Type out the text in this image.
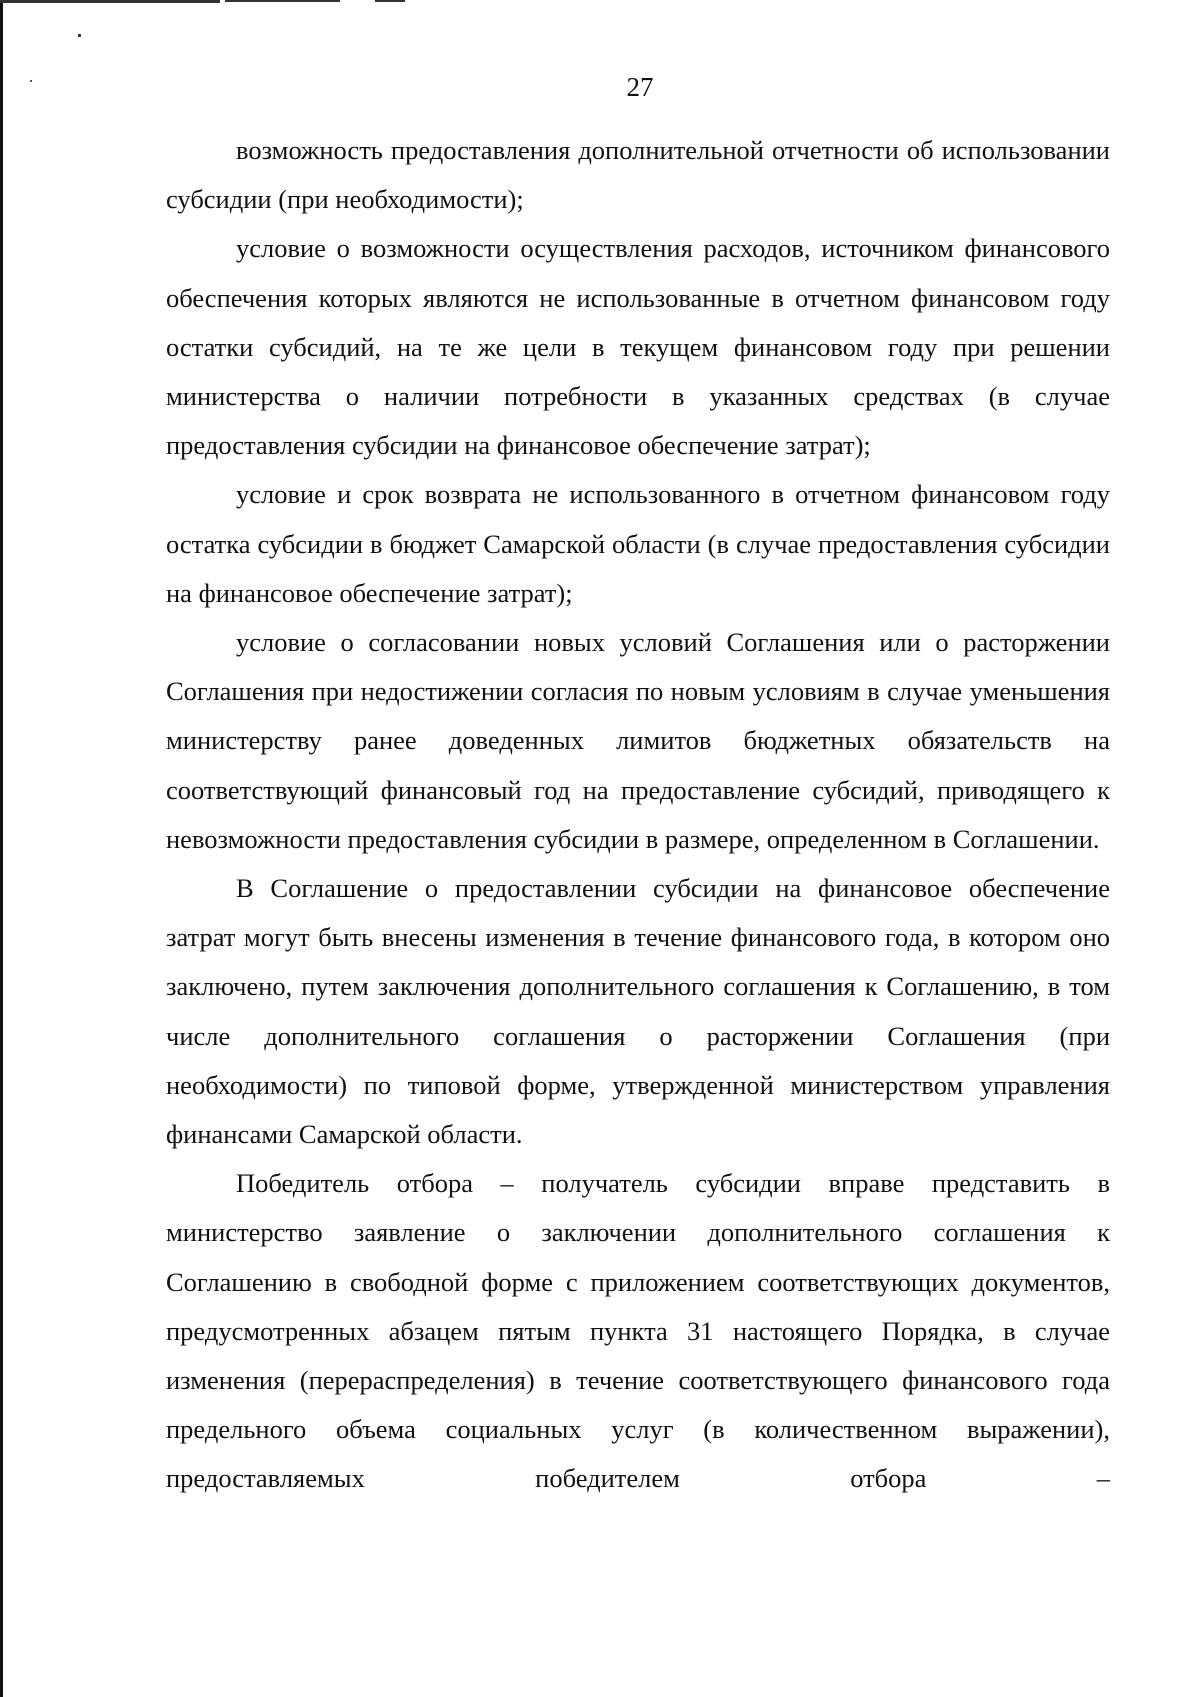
27

возможность предоставления дополнительной отчетности об использовании субсидии (при необходимости);

условие о возможности осуществления расходов, источником финансового обеспечения которых являются не использованные в отчетном финансовом году остатки субсидий, на те же цели в текущем финансовом году при решении министерства о наличии потребности в указанных средствах (в случае предоставления субсидии на финансовое обеспечение затрат);

условие и срок возврата не использованного в отчетном финансовом году остатка субсидии в бюджет Самарской области (в случае предоставления субсидии на финансовое обеспечение затрат);

условие о согласовании новых условий Соглашения или о расторжении Соглашения при недостижении согласия по новым условиям в случае уменьшения министерству ранее доведенных лимитов бюджетных обязательств на соответствующий финансовый год на предоставление субсидий, приводящего к невозможности предоставления субсидии в размере, определенном в Соглашении.

В Соглашение о предоставлении субсидии на финансовое обеспечение затрат могут быть внесены изменения в течение финансового года, в котором оно заключено, путем заключения дополнительного соглашения к Соглашению, в том числе дополнительного соглашения о расторжении Соглашения (при необходимости) по типовой форме, утвержденной министерством управления финансами Самарской области.

Победитель отбора – получатель субсидии вправе представить в министерство заявление о заключении дополнительного соглашения к Соглашению в свободной форме с приложением соответствующих документов, предусмотренных абзацем пятым пункта 31 настоящего Порядка, в случае изменения (перераспределения) в течение соответствующего финансового года предельного объема социальных услуг (в количественном выражении), предоставляемых победителем отбора –
